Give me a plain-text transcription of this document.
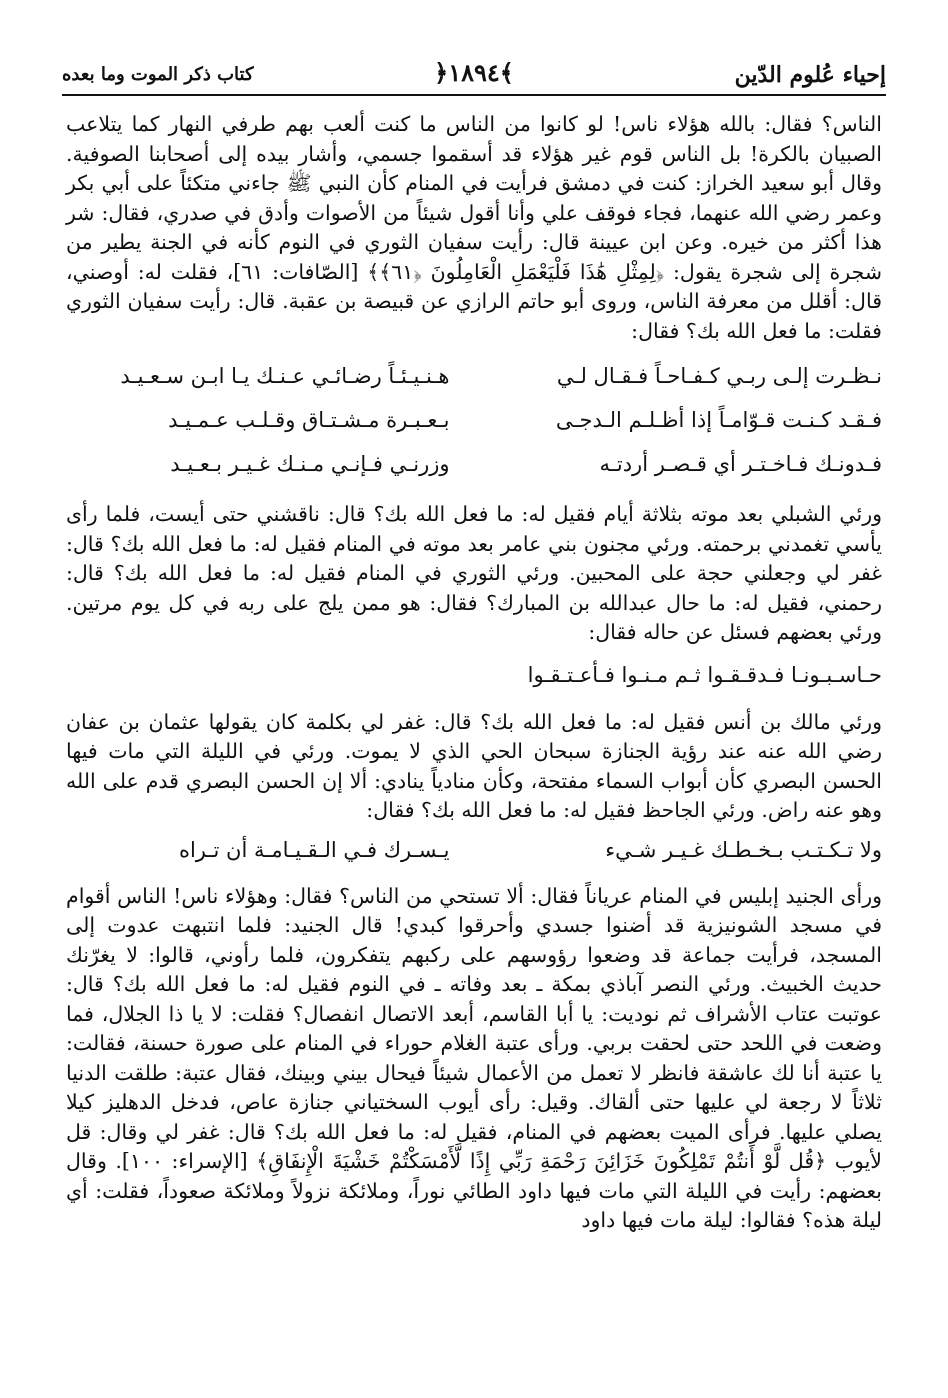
إحياء عُلوم الدّين
﴿١٨٩٤﴾
كتاب ذكر الموت وما بعده

الناس؟ فقال: بالله هؤلاء ناس! لو كانوا من الناس ما كنت ألعب بهم طرفي النهار كما يتلاعب الصبيان بالكرة! بل الناس قوم غير هؤلاء قد أسقموا جسمي، وأشار بيده إلى أصحابنا الصوفية. وقال أبو سعيد الخراز: كنت في دمشق فرأيت في المنام كأن النبي ﷺ جاءني متكئاً على أبي بكر وعمر رضي الله عنهما، فجاء فوقف علي وأنا أقول شيئاً من الأصوات وأدق في صدري، فقال: شر هذا أكثر من خيره. وعن ابن عيينة قال: رأيت سفيان الثوري في النوم كأنه في الجنة يطير من شجرة إلى شجرة يقول: ﴿لِمِثْلِ هَٰذَا فَلْيَعْمَلِ الْعَامِلُونَ ﴿٦١﴾﴾ [الصّافات: ٦١]، فقلت له: أوصني، قال: أقلل من معرفة الناس، وروى أبو حاتم الرازي عن قبيصة بن عقبة. قال: رأيت سفيان الثوري فقلت: ما فعل الله بك؟ فقال:

نـظـرت إلـى ربـي كـفـاحـاً فـقـال لـي
هـنـيـئـاً رضـائـي عـنـك يـا ابـن سـعـيـد
فـقـد كـنـت قـوّامـاً إذا أظـلـم الـدجـى
بـعـبـرة مـشـتـاق وقـلـب عـمـيـد
فـدونـك فـاخـتـر أي قـصـر أردتـه
وزرنـي فـإنـي مـنـك غـيـر بـعـيـد

ورئي الشبلي بعد موته بثلاثة أيام فقيل له: ما فعل الله بك؟ قال: ناقشني حتى أيست، فلما رأى يأسي تغمدني برحمته. ورئي مجنون بني عامر بعد موته في المنام فقيل له: ما فعل الله بك؟ قال: غفر لي وجعلني حجة على المحبين. ورئي الثوري في المنام فقيل له: ما فعل الله بك؟ قال: رحمني، فقيل له: ما حال عبدالله بن المبارك؟ فقال: هو ممن يلج على ربه في كل يوم مرتين. ورئي بعضهم فسئل عن حاله فقال:

حـاسـبـونـا فـدقـقـوا ثـم مـنـوا فـأعـتـقـوا

ورئي مالك بن أنس فقيل له: ما فعل الله بك؟ قال: غفر لي بكلمة كان يقولها عثمان بن عفان رضي الله عنه عند رؤية الجنازة سبحان الحي الذي لا يموت. ورئي في الليلة التي مات فيها الحسن البصري كأن أبواب السماء مفتحة، وكأن منادياً ينادي: ألا إن الحسن البصري قدم على الله وهو عنه راض. ورئي الجاحظ فقيل له: ما فعل الله بك؟ فقال:

ولا تـكـتـب بـخـطـك غـيـر شـيء
يـسـرك فـي الـقـيـامـة أن تـراه

ورأى الجنيد إبليس في المنام عرياناً فقال: ألا تستحي من الناس؟ فقال: وهؤلاء ناس! الناس أقوام في مسجد الشونيزية قد أضنوا جسدي وأحرقوا كبدي! قال الجنيد: فلما انتبهت عدوت إلى المسجد، فرأيت جماعة قد وضعوا رؤوسهم على ركبهم يتفكرون، فلما رأوني، قالوا: لا يغرّنك حديث الخبيث. ورئي النصر آباذي بمكة ـ بعد وفاته ـ في النوم فقيل له: ما فعل الله بك؟ قال: عوتبت عتاب الأشراف ثم نوديت: يا أبا القاسم، أبعد الاتصال انفصال؟ فقلت: لا يا ذا الجلال، فما وضعت في اللحد حتى لحقت بربي. ورأى عتبة الغلام حوراء في المنام على صورة حسنة، فقالت: يا عتبة أنا لك عاشقة فانظر لا تعمل من الأعمال شيئاً فيحال بيني وبينك، فقال عتبة: طلقت الدنيا ثلاثاً لا رجعة لي عليها حتى ألقاك. وقيل: رأى أيوب السختياني جنازة عاص، فدخل الدهليز كيلا يصلي عليها. فرأى الميت بعضهم في المنام، فقيل له: ما فعل الله بك؟ قال: غفر لي وقال: قل لأيوب ﴿قُل لَّوْ أَنتُمْ تَمْلِكُونَ خَزَائِنَ رَحْمَةِ رَبِّي إِذًا لَّأَمْسَكْتُمْ خَشْيَةَ الْإِنفَاقِ﴾ [الإسراء: ١٠٠]. وقال بعضهم: رأيت في الليلة التي مات فيها داود الطائي نوراً، وملائكة نزولاً وملائكة صعوداً، فقلت: أي ليلة هذه؟ فقالوا: ليلة مات فيها داود
